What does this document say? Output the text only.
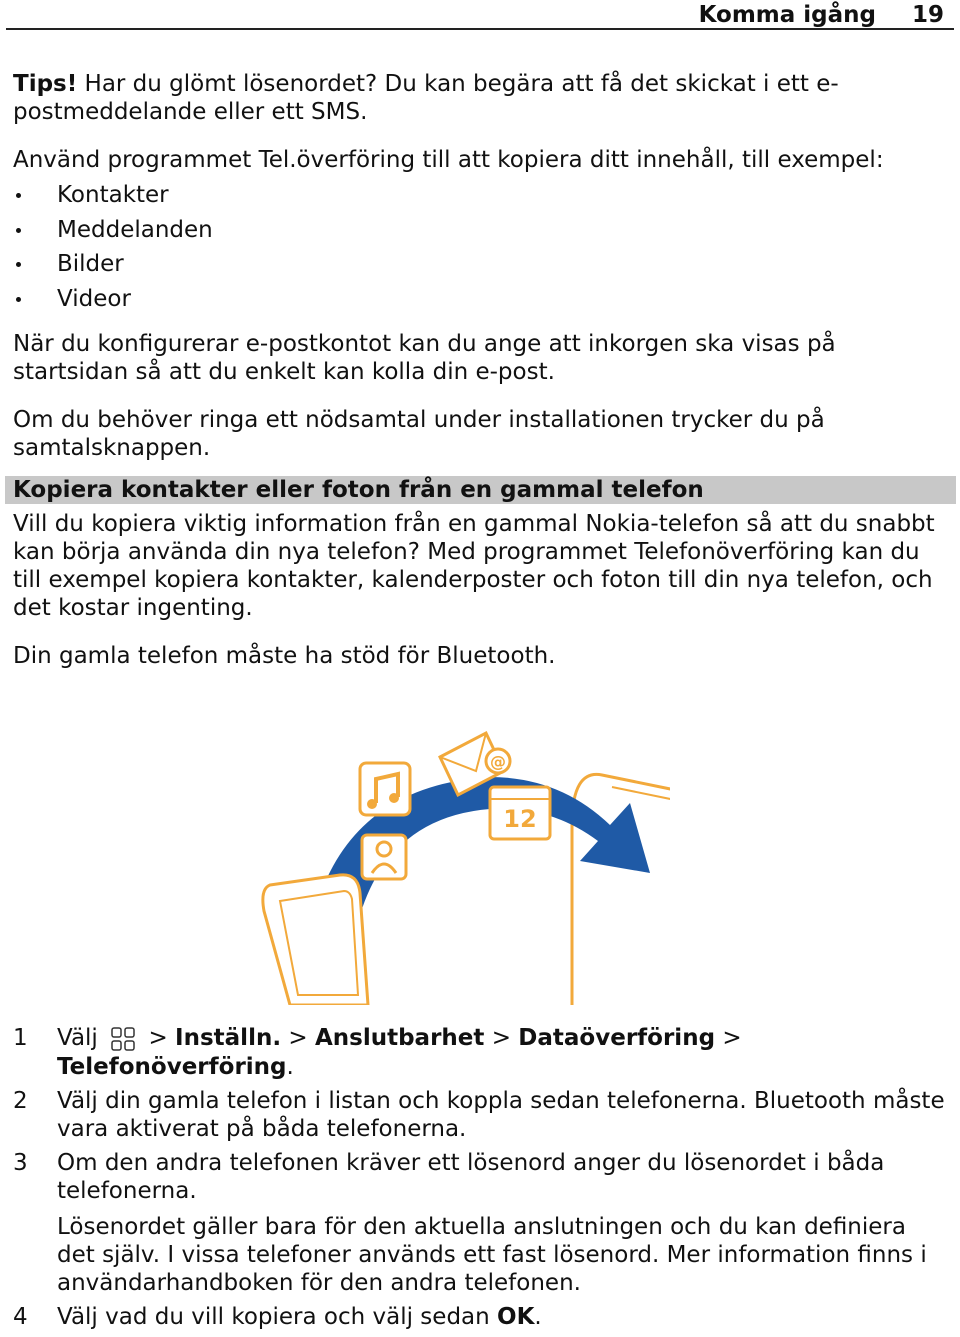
Komma igång 19

Tips! Har du glömt lösenordet? Du kan begära att få det skickat i ett e-postmeddelande eller ett SMS.

Använd programmet Tel.överföring till att kopiera ditt innehåll, till exempel:

Kontakter
Meddelanden
Bilder
Videor

När du konfigurerar e-postkontot kan du ange att inkorgen ska visas på startsidan så att du enkelt kan kolla din e-post.

Om du behöver ringa ett nödsamtal under installationen trycker du på samtalsknappen.

Kopiera kontakter eller foton från en gammal telefon

Vill du kopiera viktig information från en gammal Nokia-telefon så att du snabbt kan börja använda din nya telefon? Med programmet Telefonöverföring kan du till exempel kopiera kontakter, kalenderposter och foton till din nya telefon, och det kostar ingenting.

Din gamla telefon måste ha stöd för Bluetooth.

@
12
1 Välj  > Inställn. > Anslutbarhet > Dataöverföring > Telefonöverföring.
2 Välj din gamla telefon i listan och koppla sedan telefonerna. Bluetooth måste vara aktiverat på båda telefonerna.
3 Om den andra telefonen kräver ett lösenord anger du lösenordet i båda telefonerna.
Lösenordet gäller bara för den aktuella anslutningen och du kan definiera det själv. I vissa telefoner används ett fast lösenord. Mer information finns i användarhandboken för den andra telefonen.
4 Välj vad du vill kopiera och välj sedan OK.
